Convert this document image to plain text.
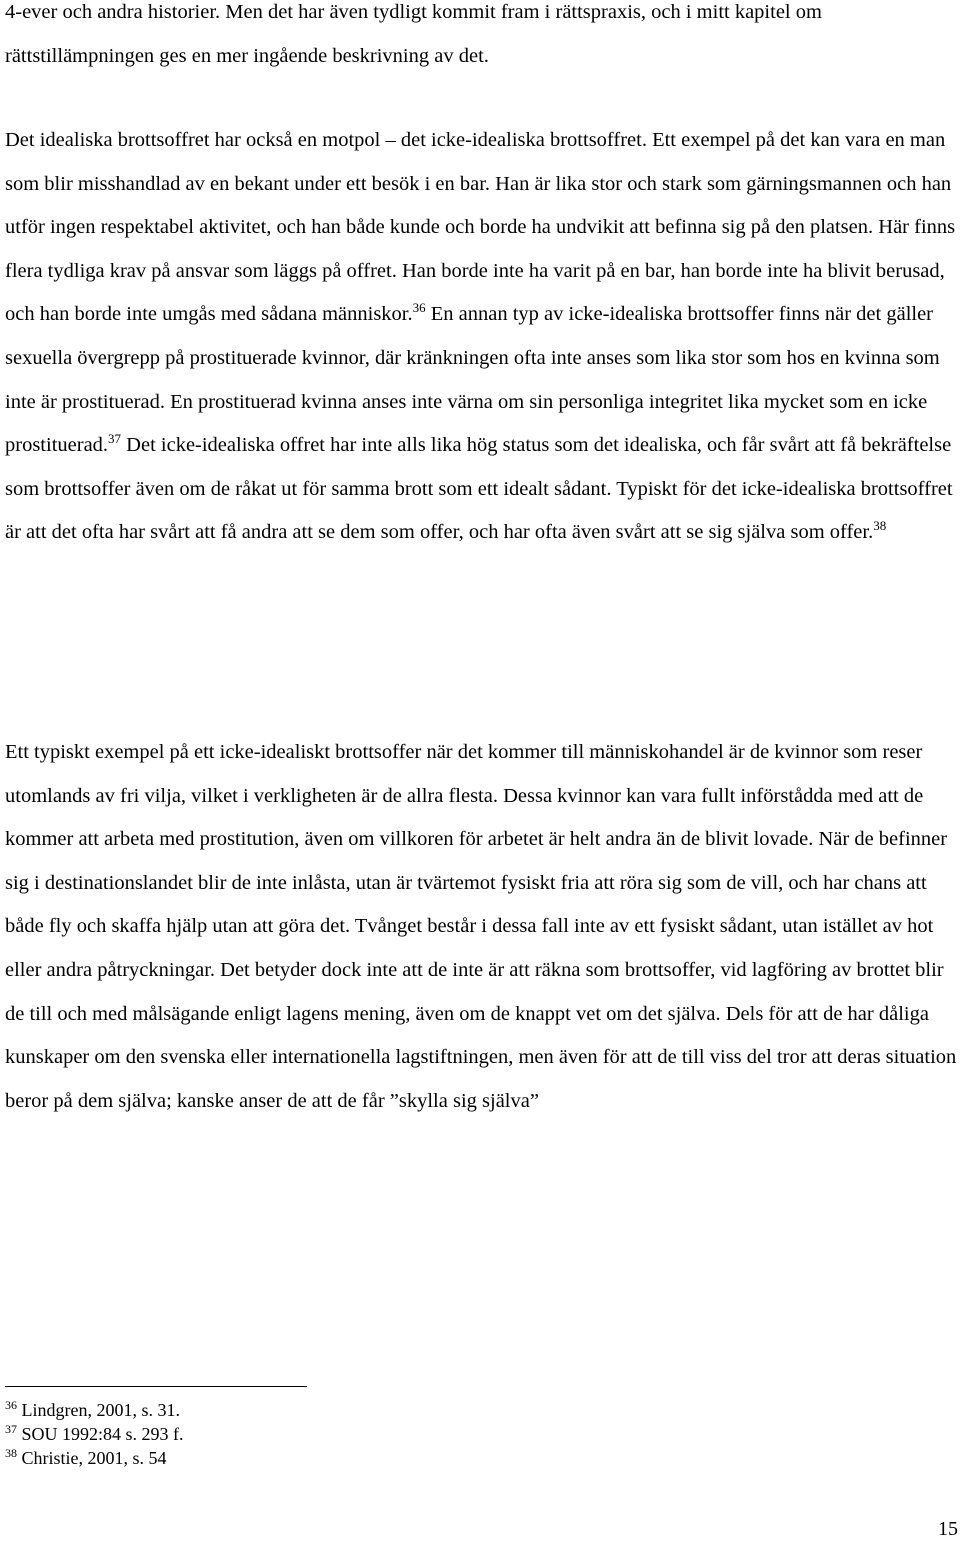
4-ever och andra historier. Men det har även tydligt kommit fram i rättspraxis, och i mitt kapitel om rättstillämpningen ges en mer ingående beskrivning av det.

Det idealiska brottsoffret har också en motpol – det icke-idealiska brottsoffret. Ett exempel på det kan vara en man som blir misshandlad av en bekant under ett besök i en bar. Han är lika stor och stark som gärningsmannen och han utför ingen respektabel aktivitet, och han både kunde och borde ha undvikit att befinna sig på den platsen. Här finns flera tydliga krav på ansvar som läggs på offret. Han borde inte ha varit på en bar, han borde inte ha blivit berusad, och han borde inte umgås med sådana människor.$^{36}$ En annan typ av icke-idealiska brottsoffer finns när det gäller sexuella övergrepp på prostituerade kvinnor, där kränkningen ofta inte anses som lika stor som hos en kvinna som inte är prostituerad. En prostituerad kvinna anses inte värna om sin personliga integritet lika mycket som en icke prostituerad.$^{37}$ Det icke-idealiska offret har inte alls lika hög status som det idealiska, och får svårt att få bekräftelse som brottsoffer även om de råkat ut för samma brott som ett idealt sådant. Typiskt för det icke-idealiska brottsoffret är att det ofta har svårt att få andra att se dem som offer, och har ofta även svårt att se sig själva som offer.$^{38}$

Ett typiskt exempel på ett icke-idealiskt brottsoffer när det kommer till människohandel är de kvinnor som reser utomlands av fri vilja, vilket i verkligheten är de allra flesta. Dessa kvinnor kan vara fullt införstådda med att de kommer att arbeta med prostitution, även om villkoren för arbetet är helt andra än de blivit lovade. När de befinner sig i destinationslandet blir de inte inlåsta, utan är tvärtemot fysiskt fria att röra sig som de vill, och har chans att både fly och skaffa hjälp utan att göra det. Tvånget består i dessa fall inte av ett fysiskt sådant, utan istället av hot eller andra påtryckningar. Det betyder dock inte att de inte är att räkna som brottsoffer, vid lagföring av brottet blir de till och med målsägande enligt lagens mening, även om de knappt vet om det själva. Dels för att de har dåliga kunskaper om den svenska eller internationella lagstiftningen, men även för att de till viss del tror att deras situation beror på dem själva; kanske anser de att de får ”skylla sig själva”

$^{36}$ Lindgren, 2001, s. 31.

$^{37}$ SOU 1992:84 s. 293 f.

$^{38}$ Christie, 2001, s. 54

15
